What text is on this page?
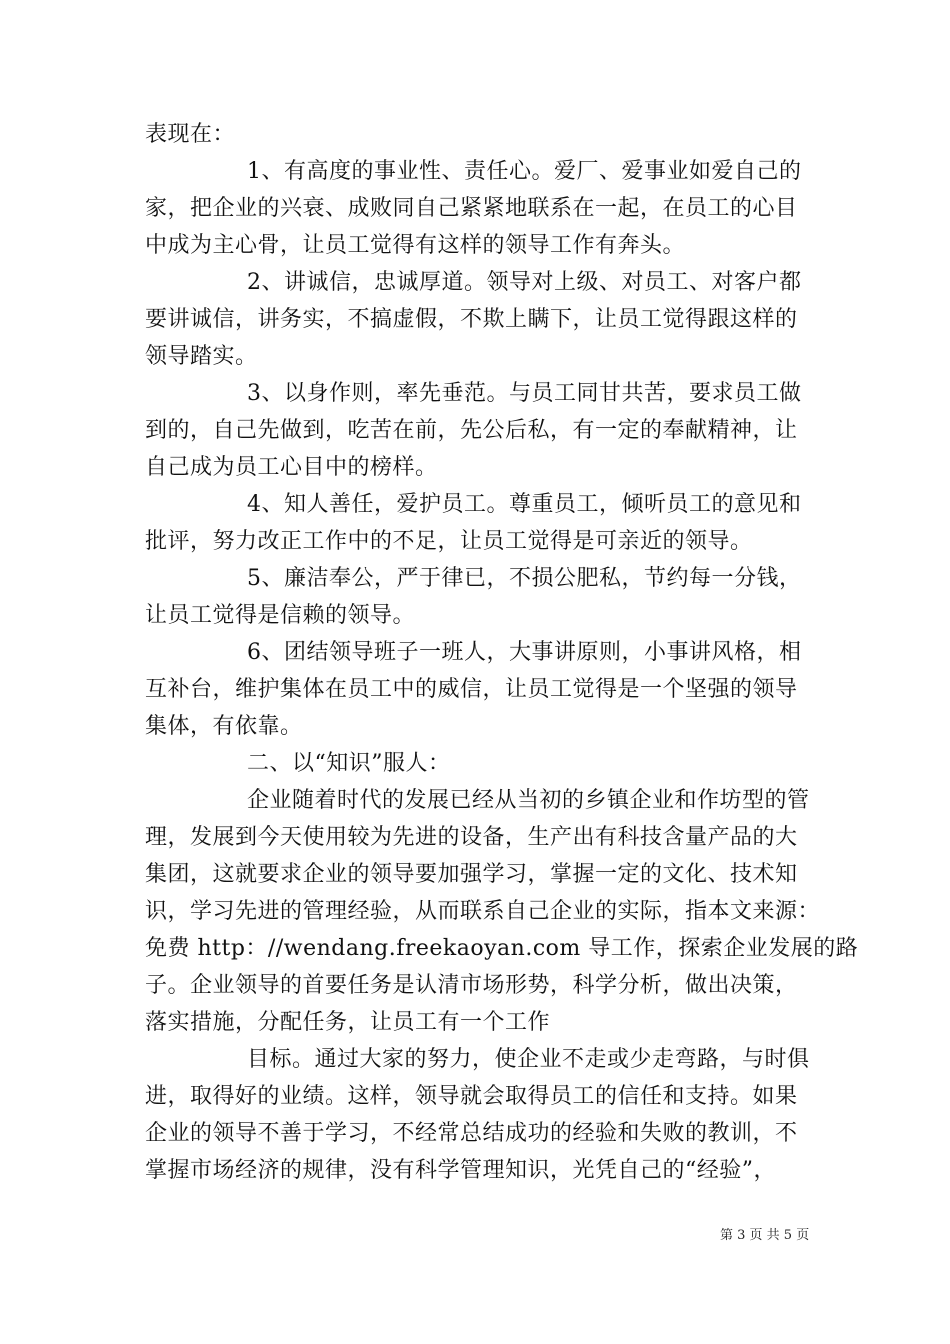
表现在：
1、有高度的事业性、责任心。爱厂、爱事业如爱自己的
家，把企业的兴衰、成败同自己紧紧地联系在一起，在员工的心目
中成为主心骨，让员工觉得有这样的领导工作有奔头。
2、讲诚信，忠诚厚道。领导对上级、对员工、对客户都
要讲诚信，讲务实，不搞虚假，不欺上瞒下，让员工觉得跟这样的
领导踏实。
3、以身作则，率先垂范。与员工同甘共苦，要求员工做
到的，自己先做到，吃苦在前，先公后私，有一定的奉献精神，让
自己成为员工心目中的榜样。
4、知人善任，爱护员工。尊重员工，倾听员工的意见和
批评，努力改正工作中的不足，让员工觉得是可亲近的领导。
5、廉洁奉公，严于律已，不损公肥私，节约每一分钱，
让员工觉得是信赖的领导。
6、团结领导班子一班人，大事讲原则，小事讲风格，相
互补台，维护集体在员工中的威信，让员工觉得是一个坚强的领导
集体，有依靠。
二、以“知识”服人：
企业随着时代的发展已经从当初的乡镇企业和作坊型的管
理，发展到今天使用较为先进的设备，生产出有科技含量产品的大
集团，这就要求企业的领导要加强学习，掌握一定的文化、技术知
识，学习先进的管理经验，从而联系自己企业的实际，指本文来源：
免费 http：//wendang.freekaoyan.com 导工作，探索企业发展的路
子。企业领导的首要任务是认清市场形势，科学分析，做出决策，
落实措施，分配任务，让员工有一个工作
目标。通过大家的努力，使企业不走或少走弯路，与时俱
进，取得好的业绩。这样，领导就会取得员工的信任和支持。如果
企业的领导不善于学习，不经常总结成功的经验和失败的教训，不
掌握市场经济的规律，没有科学管理知识，光凭自己的“经验”，
第 3 页 共 5 页
